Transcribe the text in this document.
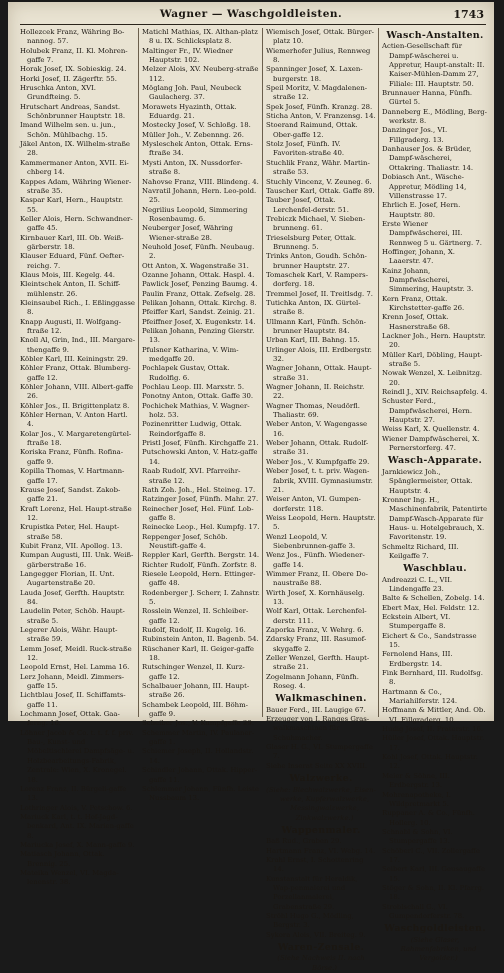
Wagner — Waschgoldleisten.	1743
Hollezcek Franz, Währing Bo-nannog. 57.
Holubek Franz, II. Kl. Mohren-gaffe 7.
Horak Josef, IX. Sobieskig. 24.
Horki Josef, II. Zägerftr. 55.
Hruschka Anton, XVI. Grundfteing. 5.
Hrutschart Andreas, Sandst. Schönbrunner Hauptstr. 18.
Imand Wilhelm sen. u. jun., Schön. Mühlbachg. 15.
Jäkel Anton, IX. Wilhelm-straße 28.
Kammermaner Anton, XVII. Ei-chberg 14.
Kappes Adam, Währing Wiener-straße 35.
Kaspar Karl, Hern., Hauptstr. 55.
Keller Alois, Hern. Schwandner-gaffe 45.
Kirnbauer Karl, III. Ob. Weiß-gärberstr. 18.
Klauser Eduard, Fünf. Oefter-reichg. 7.
Klaus Mois, III. Kegelg. 44.
Kleintschek Anton, II. Schiff-mühlenstr. 26.
Kleinsaubel Rich., I. Eßlinggasse 8.
Knapp Augusti, II. Wolfgang-ftraße 12.
Knoll Al, Grin, Ind., III. Margare-thengaffe 9.
Köbler Karl, III. Keiningstr. 29.
Köhler Franz, Ottak. Blumberg-gaffe 12.
Köhler Johann, VIII. Albert-gaffe 26.
Köhler Jos., II. Brigittenplatz 8.
Köhler Hernan, V. Anton Hartl. 4.
Kolar Jos., V. Margaretengürtel-ftraße 18.
Koriska Franz, Fünfh. Rofina-gaffe 9.
Kopilla Thomas, V. Hartmann-gaffe 17.
Krause Josef, Sandst. Zakob-gaffe 21.
Kraft Lorenz, Hel. Haupt-straße 12.
Krupistka Peter, Hel. Haupt-straße 58.
Kubit Franz, VII. Apollog. 13.
Kumpan Augusti, III. Unk. Weiß-gärberstraße 16.
Langegger Florian, II. Unt. Augartenstraße 20.
Lauda Josef, Gerfth. Hauptstr. 84.
Laudelin Peter, Schöb. Haupt-straße 5.
Legerer Alois, Währ. Haupt-straße 59.
Lemm Josef, Meidl. Ruck-straße 12.
Leopold Ernst, Hel. Lamma 16.
Lerz Johann, Meidl. Zimmers-gaffe 15.
Lichtblau Josef, II. Schiffamts-gaffe 11.
Lochmann Josef, Ottak. Gaa-ferng. 16.
Löhner Jacob & Co. t. t. f. f. priv. Bau-, Kunst- und Möbeltischlerei Dampfsäge- u. Holzbearbeitungs-Fabrik, Zentrale: Wien, X. Kronegel. 18.
Lorenz Franz, II. Bürgeli-gaffe 13.
Lothringer Alois, V. Petschow. 6.
Mariuck Karl, t. t. Hof-Jagd-benkard, Ant. IX. Marien-gaffe 8.
Mariucka Josef, X. Mann-gaffe 9.
Matiasch Johann, Ottak. Brennig. 25.
Mateika Wenzel, VI. Magda-lenenstr. 38.
Matichl Mathias, IX. Althan-platz 8 u. IX. Schlicksplatz 8.
Maltinger Fr., IV. Wiedner Hauptstr. 102.
Melzer Alois, XV. Neuberg-straße 112.
Möglang Joh. Paul, Neubeck Gaulacherg. 37.
Morawets Hyazinth, Ottak. Eduardg. 21.
Mostecky Josef, V. Schloßg. 18.
Müller Joh., V. Zebennng. 26.
Mysleschek Anton, Ottak. Erns-ftraße 34.
Mysti Anton, IX. Nussdorfer-straße 8.
Nahovse Franz, VIII. Blindeng. 4.
Navratil Johann, Hern. Leo-pold. 25.
Negrilius Leopold, Simmering Rosenbaumg. 6.
Neuberger Josef, Währing Wiener-straße 28.
Neuhold Josef, Fünfh. Neubaug. 2.
Ott Anton, X. Wagenstraße 31.
Ozanne Johann, Ottak. Haspl. 4.
Pawlick Josef, Penzing Baumg. 4.
Paulin Franz, Ottak. Zefselg. 28.
Pelikan Johann, Ottak. Kirchg. 8.
Pfeiffer Karl, Sandst. Zeinig. 21.
Pfeiffner Josef, X. Eugenkstr. 14.
Pelikan Johann, Penzing Gierstr. 13.
Pfulsner Katharina, V. Wim-medgaffe 20.
Pochlapek Gustav, Ottak. Rudolfig. 6.
Pochlau Leop. III. Marxstr. 5.
Ponotny Anton, Ottak. Gaffe 30.
Pochichek Mathias, V. Wagner-holz. 53.
Pozinenritter Ludwig, Ottak. Reindorfgaffe 8.
Pristl Josef, Fünfh. Kirchgaffe 21.
Putschowski Anton, V. Hatz-gaffe 14.
Raab Rudolf, XVI. Pfarreihr-straße 12.
Rath Zoh. Joh., Hel. Steineg. 17.
Ratzinger Josef, Fünfh. Mahr. 27.
Reinecher Josef, Hel. Fünf. Lob-gaffe 8.
Reinecke Leop., Hel. Kumpfg. 17.
Reppenger Josef, Schöb. Neustift-gaffe 4.
Reppler Karl, Gerfth. Bergstr. 14.
Richter Rudolf, Fünfh. Zorfstr. 8.
Riesele Leopold, Hern. Ettinger-gaffe 48.
Rodenberger J. Scherr, I. Zahnstr. 5.
Rosslein Wenzel, II. Schleiber-gaffe 12.
Rudolf, Rudolf, II. Kugelg. 16.
Rubinstein Anton, II. Bagenb. 54.
Rüschaner Karl, II. Geiger-gaffe 18.
Rutschinger Wenzel, II. Kurz-gaffe 12.
Schalbauer Johann, III. Haupt-straße 26.
Schambek Leopold, III. Böhm-gaffe 9.
Scheiber Jos., V. Kumpfgaffe 29.
Schemmer Martin, IV. Paulaner-gaffe 1.
Schiemer Joseph, II. Hollandstr. 14.
Schindler Johann, Ottak. Hipper-gaffe 11.
Schlemmer Johann, Fünfh. Leiste Nussbaum 13.
Wiemisch Josef, Ottak. Bürger-platz 10.
Wiemerhofer Julius, Rennweg 8.
Spanninger Josef, X. Laxen-burgerstr. 18.
Speil Moritz, V. Magdalenen-straße 12.
Spek Josef, Fünfh. Kranzg. 28.
Sticha Anton, V. Franzensg. 14.
Stoerand Raimund, Ottak. Ober-gaffe 12.
Stolz Josef, Fünfh. IV. Favoriten-straße 40.
Stuchlik Franz, Währ. Martin-straße 53.
Stuchly Vincenz, V. Zeuneg. 6.
Tauscher Karl, Ottak. Gaffe 89.
Tauber Josef, Ottak. Lerchenfel-derstr. 51.
Trebiczk Michael, V. Sieben-brunneng. 61.
Trieselsburg Peter, Ottak. Brunneng. 5.
Trinks Anton, Goudh. Schön-brunner Hauptstr. 27.
Tomaschek Karl, V. Rampers-dorferg. 18.
Tremmel Josef, II. Treitlsdg. 7.
Tutichka Anton, IX. Gürtel-straße 8.
Ullmann Karl, Fünfh. Schön-brunner Hauptstr. 84.
Urban Karl, III. Bahng. 15.
Urlinger Alois, III. Erdbergstr. 32.
Wagner Johann, Ottak. Haupt-straße 31.
Wagner Johann, II. Reichstr. 22.
Wagner Thomas, Neudörfl. Thaliastr. 69.
Weber Anton, V. Wagengasse 16.
Weber Johann, Ottak. Rudolf-straße 31.
Weber Jos., V. Kumpfgaffe 29.
Weber Josef, t. t. priv. Wagen-fabrik, XVIII. Gymnasiumstr. 21.
Weiser Anton, VI. Gumpen-dorferstr. 118.
Weiss Leopold, Hern. Hauptstr. 5.
Wenzl Leopold, V. Siebenbrunnen-gaffe 3.
Wenz Jos., Fünfh. Wiedener-gaffe 14.
Wimmer Franz, II. Obere Do-naustraße 88.
Wirth Josef, X. Kornhäuselg. 13.
Wolf Karl, Ottak. Lerchenfel-derstr. 111.
Zaporka Franz, V. Wehrg. 6.
Zdarsky Franz, III. Rasumof-skygaffe 2.
Zeller Wenzel, Gerfth. Haupt-straße 21.
Zogelmann Johann, Fünfh. Roseg. 4.
Walkmaschinen.
Bauer Ferd., III. Laugige 67.
Erzeuger von I. Ranges Gras-walkmaschinen für Schuhmacher.
Glaser H. G., VI. Stumpergaffe 7.
Siehe Inserat Seite XX XVIII.
Walzwerke.
(Siehe: Blechwalzwerke, Eisen-werke, Kupferwalzwerke, Messingwalzwerke, Zinkwalzwerke.)
Wappenmaler.
Baß Rud., Graben 29.
Hartmann Franz, VI. Webg. 14.
Krahl Ernst, I. Schottenring 14.
Kunstanstalt für Heraldik, Wap-penmalerei und Porzellanmalerei, Grabenstraße 29.
Ströhl Hugo G., Mödling, Bergstr. 3.
Sykora Alois, VII. Breiteg. 9.
Waren-Zensale.
(Siehe Nachweis II. nach Börse.)
Wasch-Anstalten.
Actien-Gesellschaft für Dampf-wäscherei u. Appretur, Haupt-anstalt: II. Kaiser-Mühlen-Damm 27, Filiale: III. Hauptstr. 50.
Brunnauer Hanna, Fünfh. Gürtel 5.
Danneberg E., Mödling, Berg-werkstr. 8.
Danzinger Jos., VI. Fillgraderg. 13.
Danhauser Jos. & Brüder, Dampf-wäscherei, Ottakring. Thaliastr. 14.
Dobiasch Ant., Wäsche-Appretur, Mödling 14, Villenstrasse 17.
Ehrlich E. Josef, Hern. Hauptstr. 80.
Erste Wiener Dampfwäscherei, III. Rennweg 5 u. Gärtnerg. 7.
Hoffinger, Johann, X. Laaerstr. 47.
Kainz Johann, Dampfwäscherei, Simmering, Hauptstr. 3.
Kern Franz, Ottak. Kirchstetter-gaffe 26.
Krenn Josef, Ottak. Hasnerstraße 68.
Lackner Joh., Hern. Hauptstr. 20.
Müller Karl, Döbling, Haupt-straße 5.
Nowak Wenzel, X. Leibnitzg. 20.
Reindl J., XIV. Reichsapfelg. 4.
Schuster Ferd., Dampfwäscherei, Hern. Hauptstr. 27.
Weiss Karl, X. Quellenstr. 4.
Wiener Dampfwäscherei, X. Pernerstorferg. 47.
Wasch-Apparate.
Jarnkiewicz Joh., Spänglermeister, Ottak. Hauptstr. 4.
Kronner Ing. H., Maschinenfabrik, Patentirte Dampf-Wasch-Apparate für Haus- u. Hotelgebrauch, X. Favoritenstr. 19.
Schmeltz Richard, III. Keilgaffe 7.
Waschblau.
Andreazzi C. L., VII. Lindengaffe 23.
Balte & Schellen, Zobelg. 14.
Ebert Max, Hel. Feldstr. 12.
Eckstein Albert, VI. Stumpergaffe 8.
Eichert & Co., Sandstrasse 15.
Fernolend Hans, III. Erdbergstr. 14.
Fink Bernhard, III. Rudolfsg. 8.
Hartmann & Co., Mariahilferstr. 124.
Hoffmann & Mittler, And. Ob. VI. Fillgraderg. 10.
Hudig Josef, II. Praterstr. 16.
Hüller Josef, Ottak. Hauptstr. 17.
Kohl Josef, Ottak. Hauptstr. 12.
Meier & Söhne, III. Erdbergstr. 13.
Mohrenapotheke, I. Wildpretmarkt 5.
Ruppaner A. & Co., Fünfh. Hollerg. 10.
Schnabl & Sohn, VI. Stumpergaffe 13.
Schöberl C., VII. Zollergaffe 17.
Seibert Karl, III. Geusaugaffe 15.
Stöger & Sohn, II. Kl. Pfarrg. 18.
Stroblschall G., VI. Gumpendorferstr. 78.
Waschgoldleisten.
(Siehe Glaser, Rahmenfabriken, und Vergolder.)
